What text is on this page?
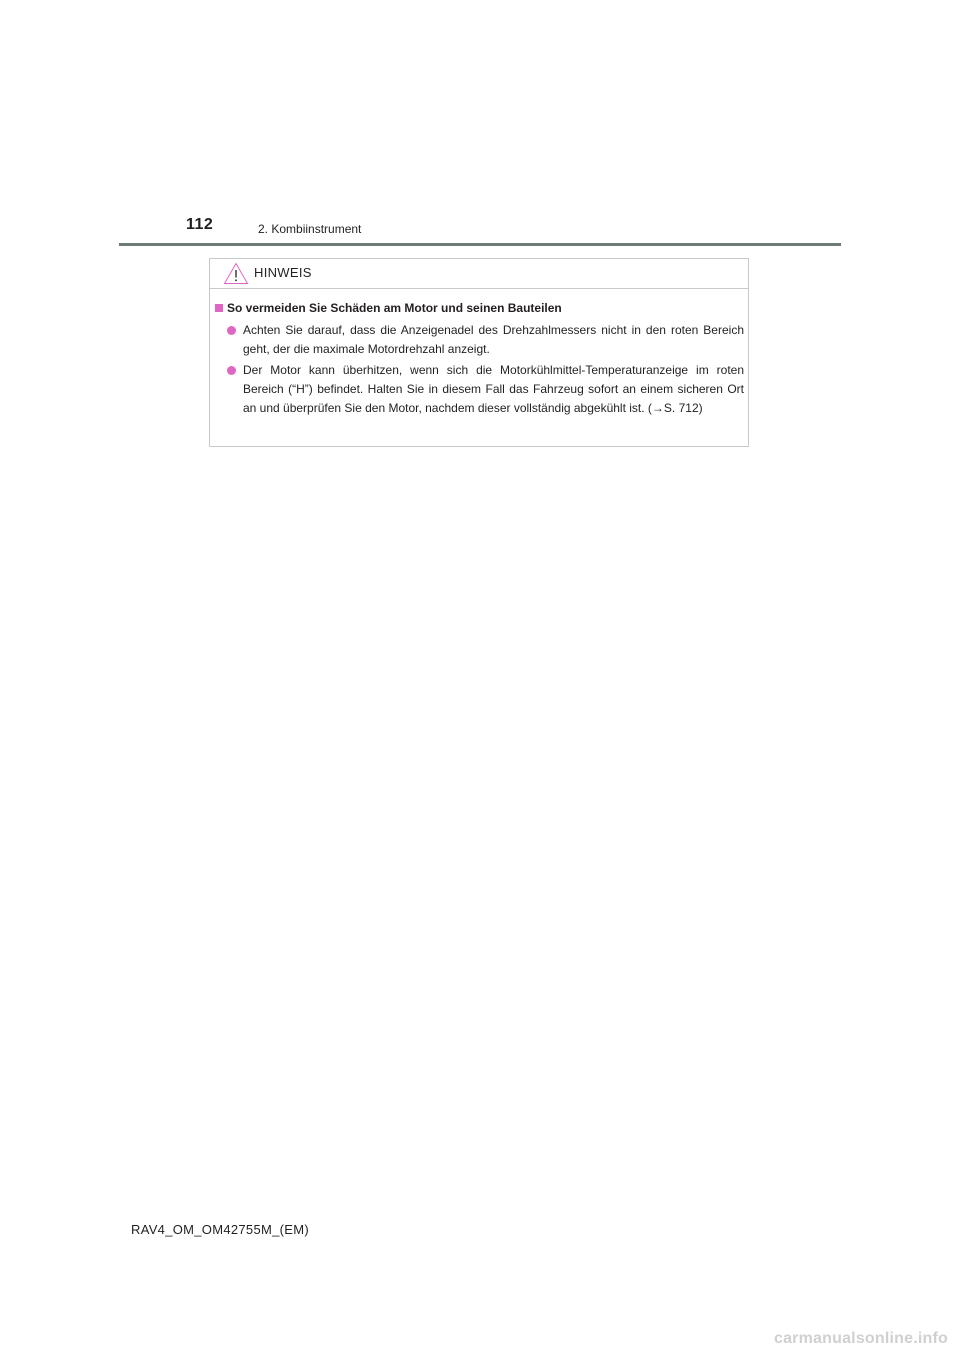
112	2. Kombiinstrument
HINWEIS
So vermeiden Sie Schäden am Motor und seinen Bauteilen
Achten Sie darauf, dass die Anzeigenadel des Drehzahlmessers nicht in den roten Bereich geht, der die maximale Motordrehzahl anzeigt.
Der Motor kann überhitzen, wenn sich die Motorkühlmittel-Temperaturanzeige im roten Bereich (“H”) befindet. Halten Sie in diesem Fall das Fahrzeug sofort an einem sicheren Ort an und überprüfen Sie den Motor, nachdem dieser vollständig abgekühlt ist. (→S. 712)
RAV4_OM_OM42755M_(EM)
carmanualsonline.info
